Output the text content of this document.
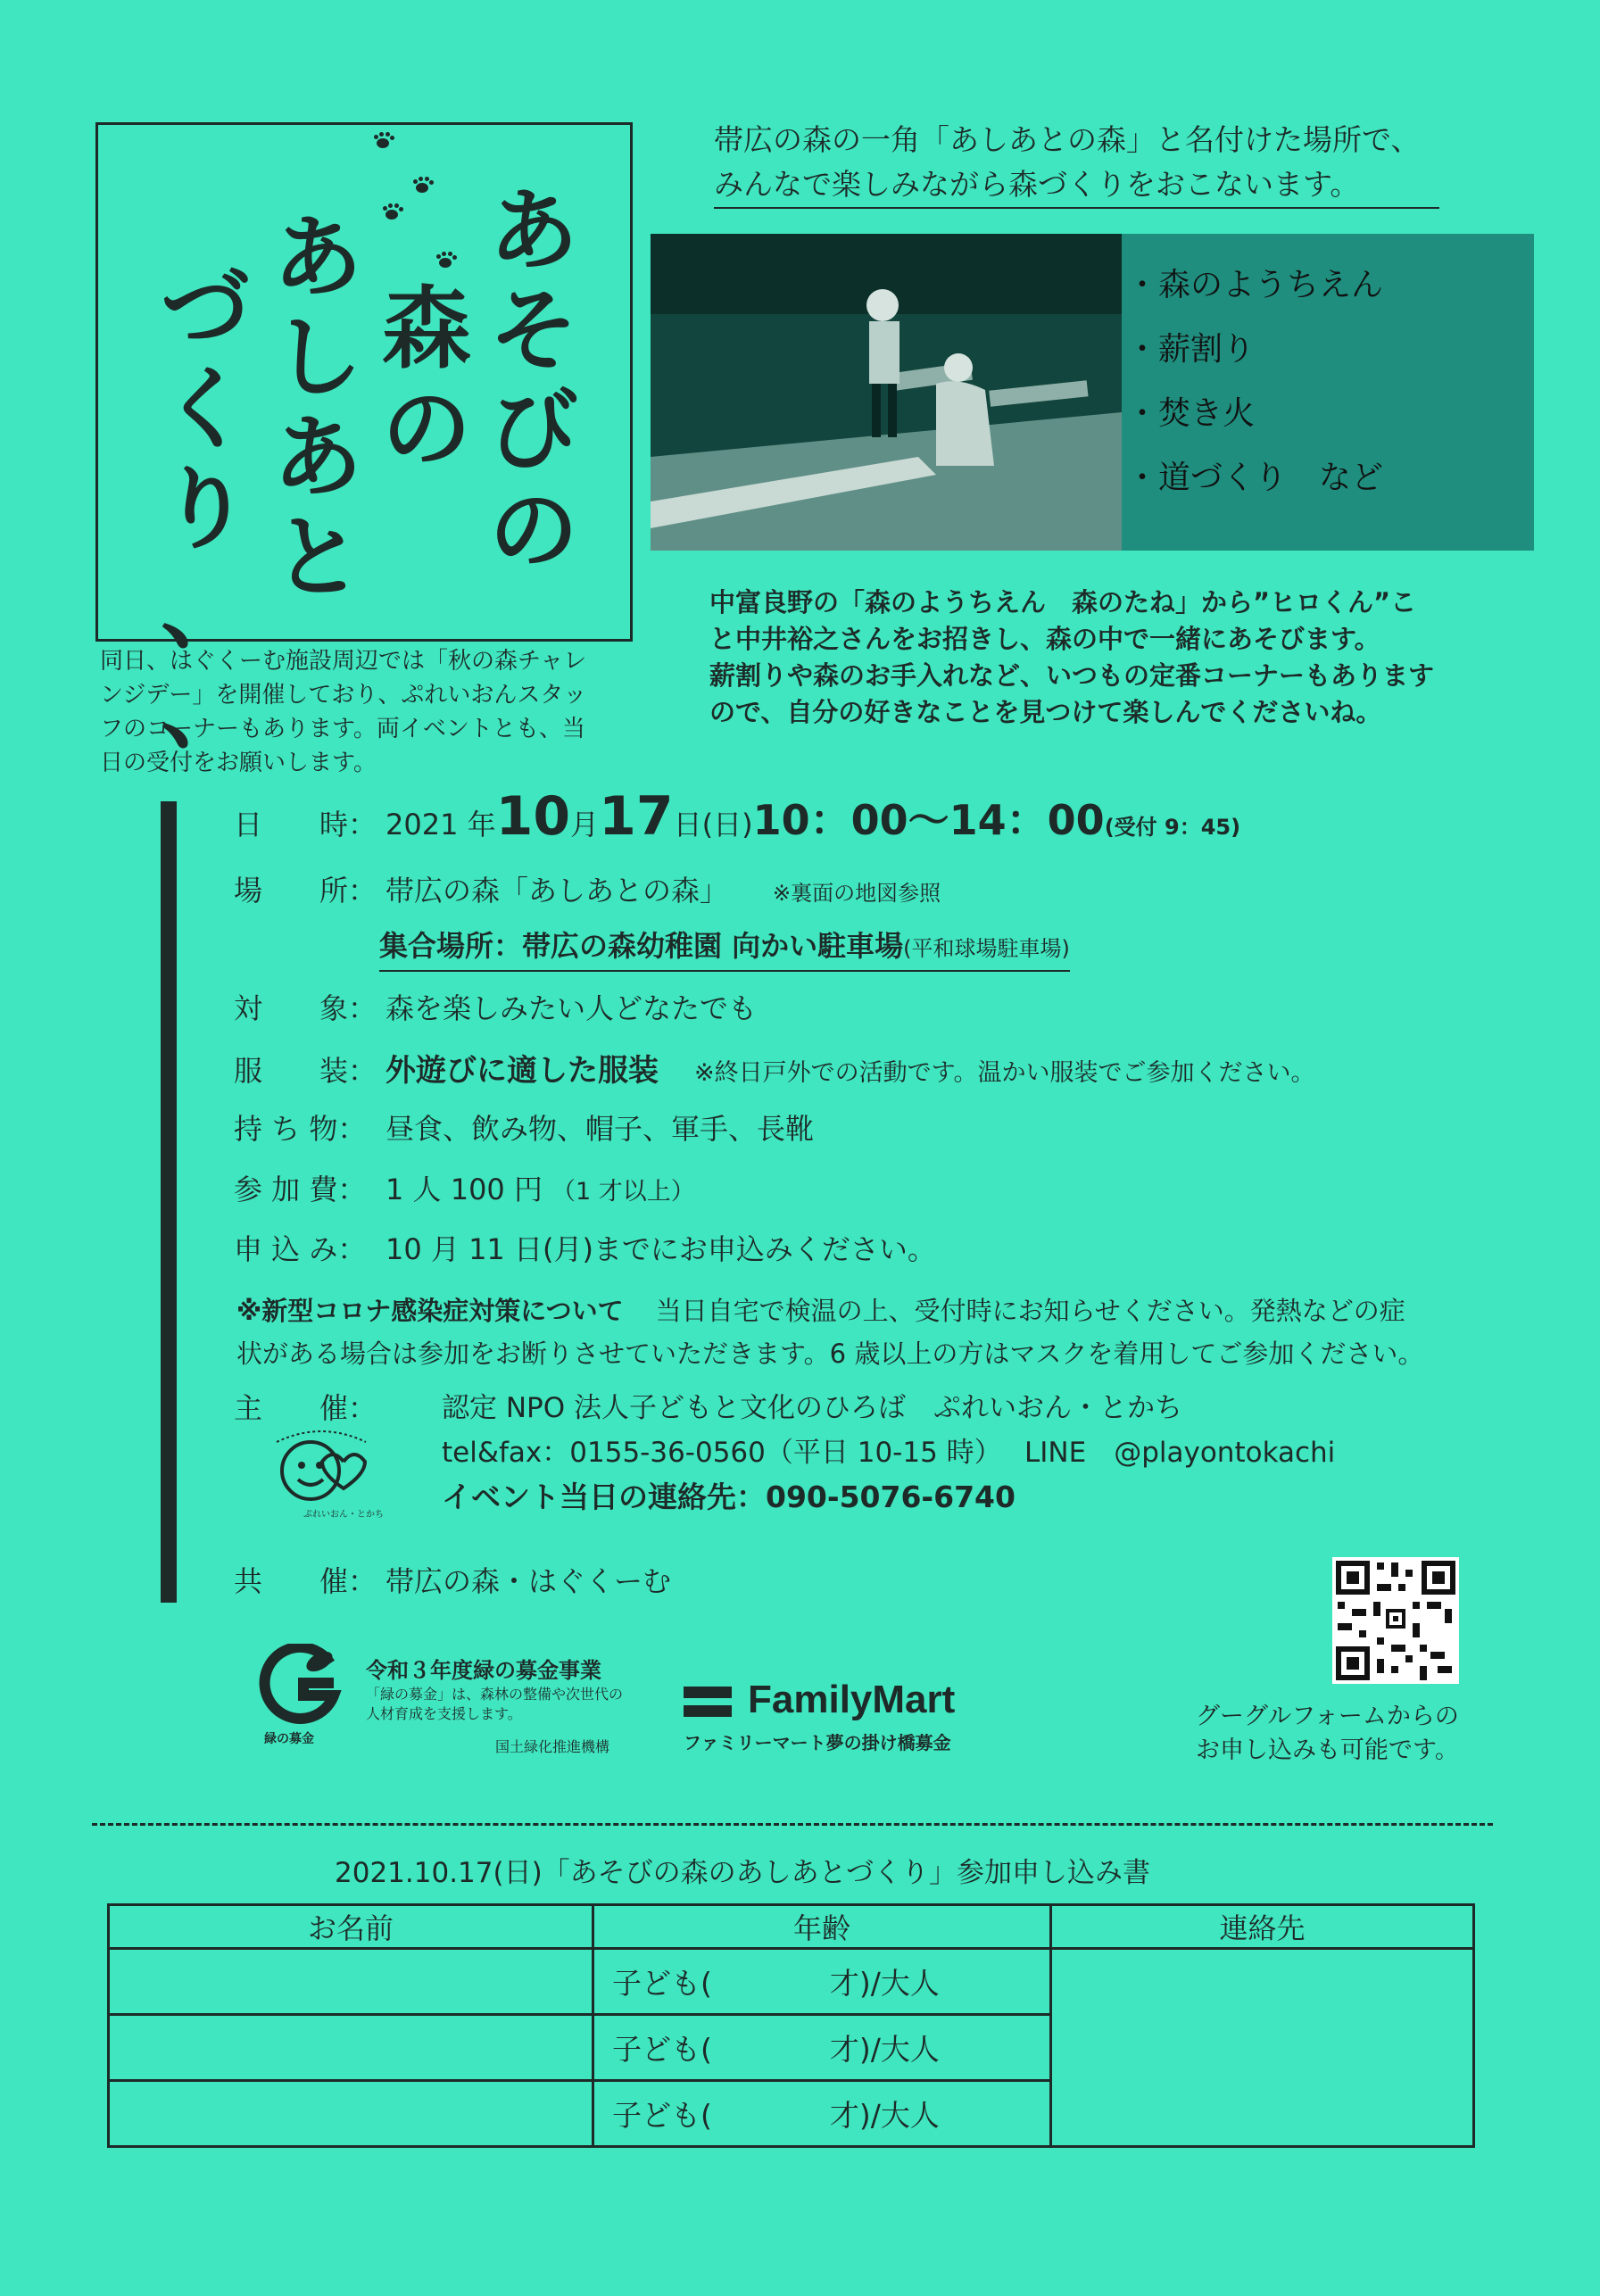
あ
そ
び
の
森
の
あ
し
あ
と
づ
く
り
、
、
帯広の森の一角「あしあとの森」と名付けた場所で、
みんなで楽しみながら森づくりをおこないます。
・森のようちえん
・薪割り
・焚き火
・道づくり　など
中富良野の「森のようちえん　森のたね」から”ヒロくん”こ
と中井裕之さんをお招きし、森の中で一緒にあそびます。
薪割りや森のお手入れなど、いつもの定番コーナーもあります
ので、自分の好きなことを見つけて楽しんでくださいね。
同日、はぐくーむ施設周辺では「秋の森チャレ
ンジデー」を開催しており、ぷれいおんスタッ
フのコーナーもあります。両イベントとも、当
日の受付をお願いします。
日　　時： 2021 年 10 月 17 日(日) 10：00〜14：00 (受付 9：45)
場　　所： 帯広の森「あしあとの森」 ※裏面の地図参照
集合場所：帯広の森幼稚園 向かい駐車場 (平和球場駐車場)
対　　象： 森を楽しみたい人どなたでも
服　　装： 外遊びに適した服装 ※終日戸外での活動です。温かい服装でご参加ください。
持 ち 物： 昼食、飲み物、帽子、軍手、長靴
参 加 費： 1 人 100 円 （1 才以上）
申 込 み： 10 月 11 日(月)までにお申込みください。
※新型コロナ感染症対策について 当日自宅で検温の上、受付時にお知らせください。発熱などの症
状がある場合は参加をお断りさせていただきます。6 歳以上の方はマスクを着用してご参加ください。
主　　催：	認定 NPO 法人子どもと文化のひろば　ぷれいおん・とかち
tel&fax：0155-36-0560（平日 10-15 時）　 LINE　@playontokachi
イベント当日の連絡先：090-5076-6740
ぷれいおん・とかち
共　　催： 帯広の森・はぐくーむ
グーグルフォームからの
お申し込みも可能です。
緑の募金
令和３年度緑の募金事業
「緑の募金」は、森林の整備や次世代の
人材育成を支援します。
国土緑化推進機構
FamilyMart
ファミリーマート夢の掛け橋募金
2021.10.17(日)「あそびの森のあしあとづくり」参加申し込み書
お名前	年齢	連絡先
	子ども(　　　　才)/大人	
	子ども(　　　　才)/大人	
	子ども(　　　　才)/大人	
